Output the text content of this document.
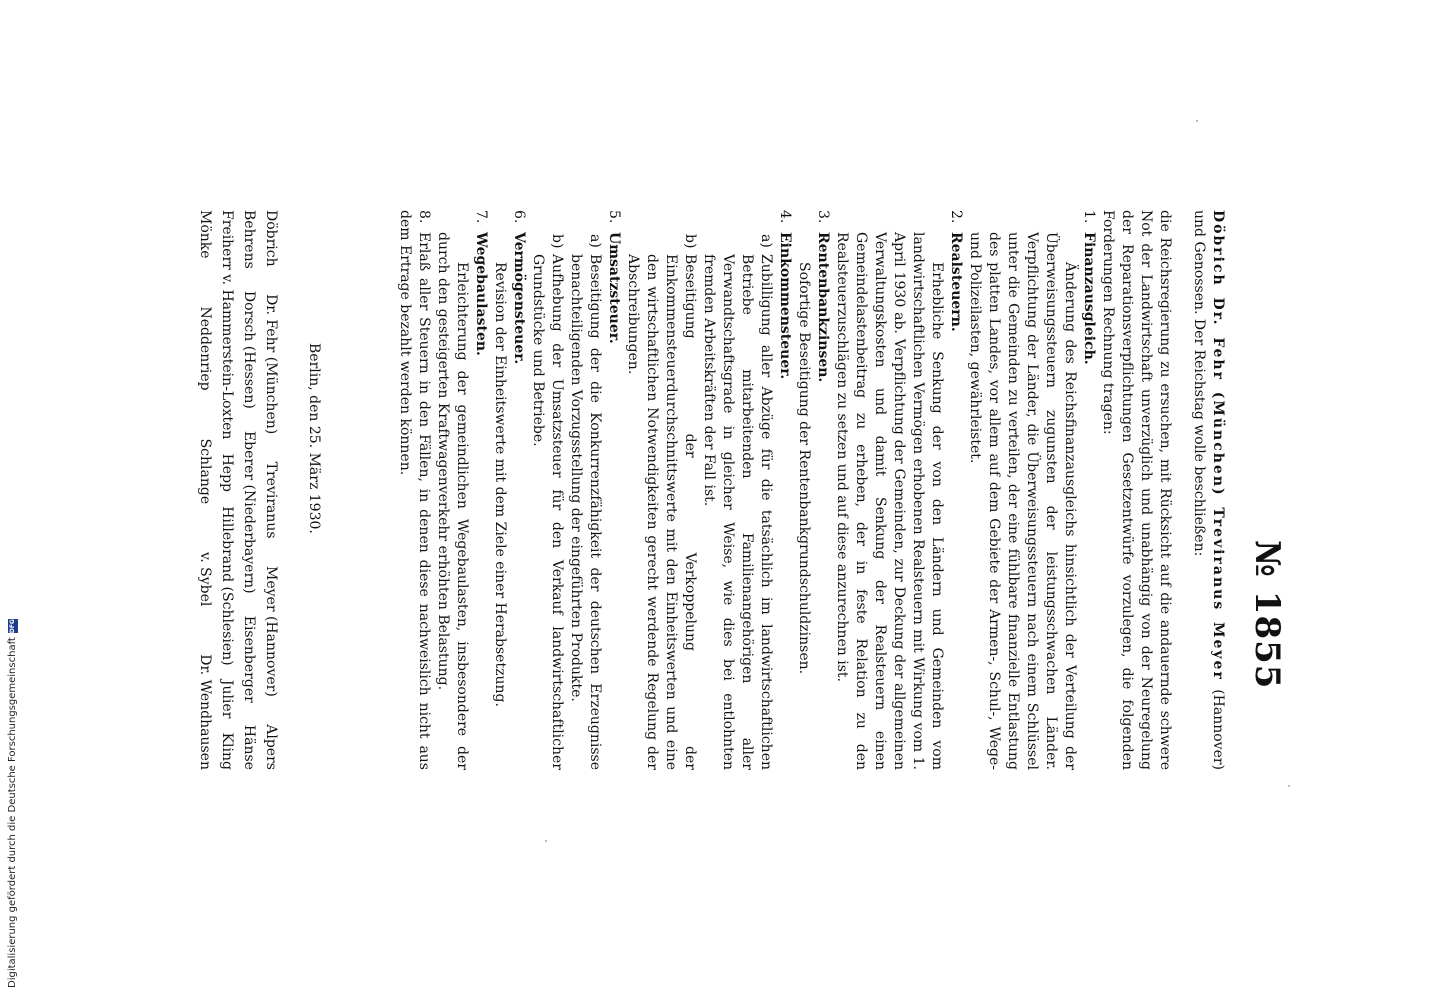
№ 1855
Döbrich Dr. Fehr (München) Treviranus Meyer (Hannover) und Genossen. Der Reichstag wolle beschließen:

die Reichsregierung zu ersuchen, mit Rücksicht auf die andauernde schwere Not der Landwirtschaft unverzüglich und unabhängig von der Neuregelung der Reparationsverpflichtungen Gesetzentwürfe vorzulegen, die folgenden Forderungen Rechnung tragen:

1.Finanzausgleich.
Änderung des Reichsfinanzausgleichs hinsichtlich der Verteilung der Überweisungssteuern zugunsten der leistungsschwachen Länder. Verpflichtung der Länder, die Überweisungssteuern nach einem Schlüssel unter die Gemeinden zu verteilen, der eine fühlbare finanzielle Entlastung des platten Landes, vor allem auf dem Gebiete der Armen-, Schul-, Wege- und Polizeilasten, gewährleistet.
2.Realsteuern.
Erhebliche Senkung der von den Ländern und Gemeinden vom landwirtschaftlichen Vermögen erhobenen Realsteuern mit Wirkung vom 1. April 1930 ab. Verpflichtung der Gemeinden, zur Deckung der allgemeinen Verwaltungskosten und damit Senkung der Realsteuern einen Gemeindelastenbeitrag zu erheben, der in feste Relation zu den Realsteuerzuschlägen zu setzen und auf diese anzurechnen ist.
3.Rentenbankzinsen.
Sofortige Beseitigung der Rentenbankgrundschuldzinsen.
4.Einkommensteuer.
a)Zubilligung aller Abzüge für die tatsächlich im landwirtschaftlichen Betriebe mitarbeitenden Familienangehörigen aller Verwandtschaftsgrade in gleicher Weise, wie dies bei entlohnten fremden Arbeitskräften der Fall ist.
b)Beseitigung der Verkoppelung der Einkommensteuerdurchschnittswerte mit den Einheitswerten und eine den wirtschaftlichen Notwendigkeiten gerecht werdende Regelung der Abschreibungen.
5.Umsatzsteuer.
a)Beseitigung der die Konkurrenzfähigkeit der deutschen Erzeugnisse benachteiligenden Vorzugsstellung der eingeführten Produkte.
b)Aufhebung der Umsatzsteuer für den Verkauf landwirtschaftlicher Grundstücke und Betriebe.
6.Vermögensteuer.
Revision der Einheitswerte mit dem Ziele einer Herabsetzung.
7.Wegebaulasten.
Erleichterung der gemeindlichen Wegebaulasten, insbesondere der durch den gesteigerten Kraftwagenverkehr erhöhten Belastung.
8.Erlaß aller Steuern in den Fällen, in denen diese nachweislich nicht aus dem Ertrage bezahlt werden können.
Berlin, den 25. März 1930.
Döbrich
Dr. Fehr (München)
Treviranus
Meyer (Hannover)
Alpers
Behrens
Dorsch (Hessen)
Eberer (Niederbayern)
Eisenberger
Hänse
Freiherr v. Hammerstein-Loxten
Hepp
Hillebrand (Schlesien)
Julier
Kling
Mönke
Neddenriep
Schlange
v. Sybel
Dr. Wendhausen
Digitalisierung gefördert durch die Deutsche Forschungsgemeinschaft
DFG
